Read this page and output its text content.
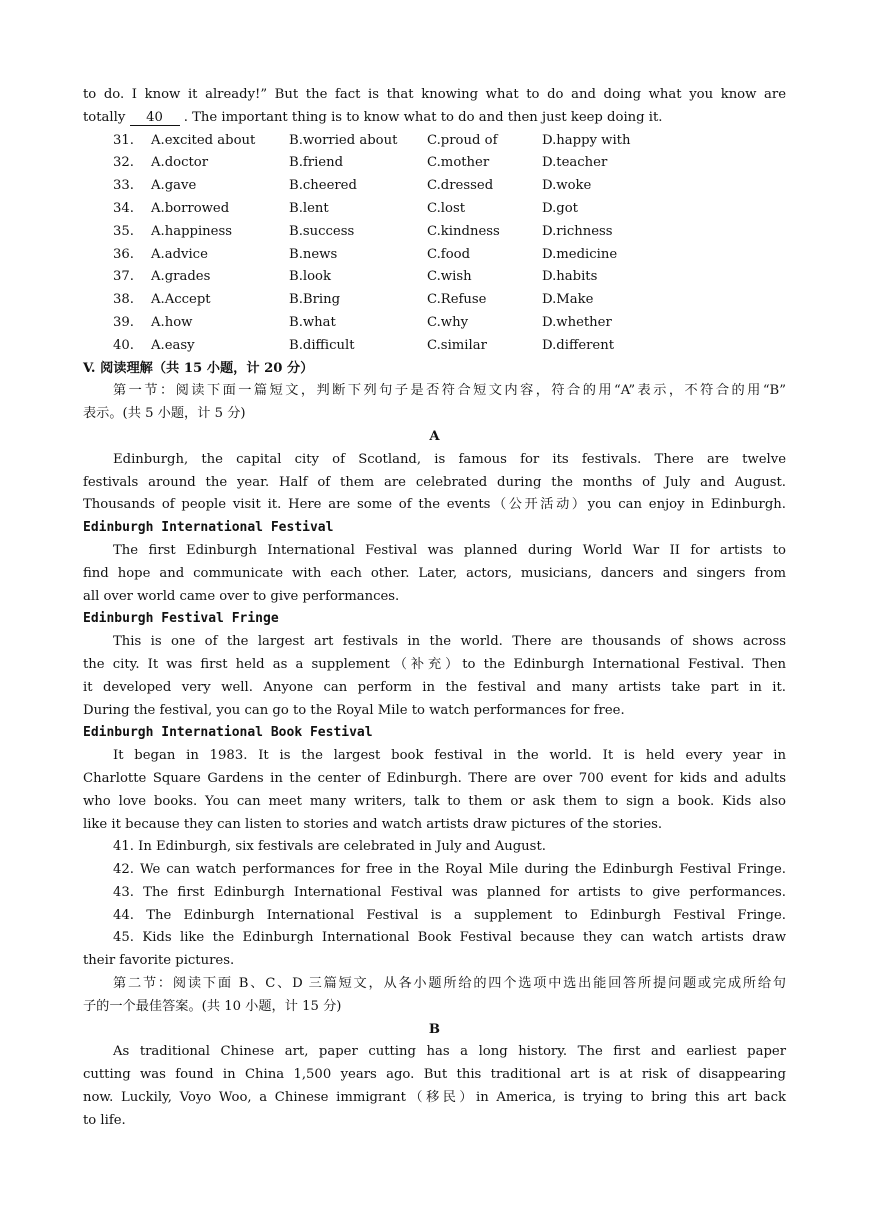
to do. I know it already!” But the fact is that knowing what to do and doing what you know are
totally 40 . The important thing is to know what to do and then just keep doing it.
31.	A.excited about	B.worried about	C.proud of	D.happy with
32.	A.doctor	B.friend	C.mother	D.teacher
33.	A.gave	B.cheered	C.dressed	D.woke
34.	A.borrowed	B.lent	C.lost	D.got
35.	A.happiness	B.success	C.kindness	D.richness
36.	A.advice	B.news	C.food	D.medicine
37.	A.grades	B.look	C.wish	D.habits
38.	A.Accept	B.Bring	C.Refuse	D.Make
39.	A.how	B.what	C.why	D.whether
40.	A.easy	B.difficult	C.similar	D.different
V. 阅读理解（共 15 小题，计 20 分）
第一节：阅读下面一篇短文，判断下列句子是否符合短文内容，符合的用“A”表示，不符合的用“B”
表示。(共 5 小题，计 5 分)
A
Edinburgh, the capital city of Scotland, is famous for its festivals. There are twelve
festivals around the year. Half of them are celebrated during the months of July and August.
Thousands of people visit it. Here are some of the events（公开活动）you can enjoy in Edinburgh.
Edinburgh International Festival
The first Edinburgh International Festival was planned during World War II for artists to
find hope and communicate with each other. Later, actors, musicians, dancers and singers from
all over world came over to give performances.
Edinburgh Festival Fringe
This is one of the largest art festivals in the world. There are thousands of shows across
the city. It was first held as a supplement（补充）to the Edinburgh International Festival. Then
it developed very well. Anyone can perform in the festival and many artists take part in it.
During the festival, you can go to the Royal Mile to watch performances for free.
Edinburgh International Book Festival
It began in 1983. It is the largest book festival in the world. It is held every year in
Charlotte Square Gardens in the center of Edinburgh. There are over 700 event for kids and adults
who love books. You can meet many writers, talk to them or ask them to sign a book. Kids also
like it because they can listen to stories and watch artists draw pictures of the stories.
41. In Edinburgh, six festivals are celebrated in July and August.
42. We can watch performances for free in the Royal Mile during the Edinburgh Festival Fringe.
43. The first Edinburgh International Festival was planned for artists to give performances.
44. The Edinburgh International Festival is a supplement to Edinburgh Festival Fringe.
45. Kids like the Edinburgh International Book Festival because they can watch artists draw
their favorite pictures.
第二节：阅读下面 B、C、D 三篇短文，从各小题所给的四个选项中选出能回答所提问题或完成所给句
子的一个最佳答案。(共 10 小题，计 15 分)
B
As traditional Chinese art, paper cutting has a long history. The first and earliest paper
cutting was found in China 1,500 years ago. But this traditional art is at risk of disappearing
now. Luckily, Voyo Woo, a Chinese immigrant（移民）in America, is trying to bring this art back
to life.
